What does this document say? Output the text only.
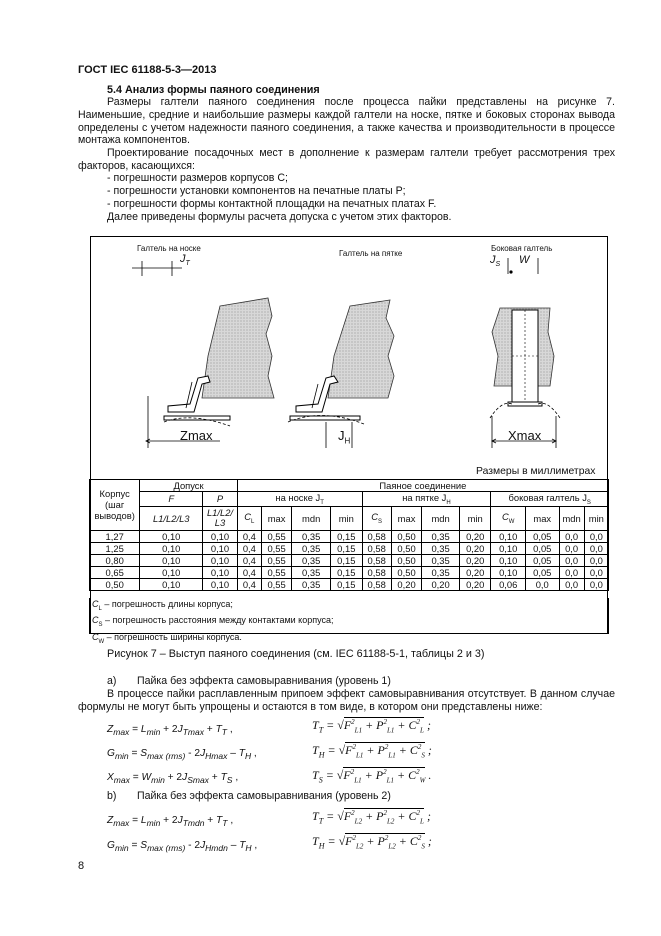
ГОСТ IEC 61188-5-3—2013
5.4 Анализ формы паяного соединения
Размеры галтели паяного соединения после процесса пайки представлены на рисунке 7. Наименьшие, средние и наибольшие размеры каждой галтели на носке, пятке и боковых сторонах вывода определены с учетом надежности паяного соединения, а также качества и производительности в процессе монтажа компонентов.
Проектирование посадочных мест в дополнение к размерам галтели требует рассмотрения трех факторов, касающихся:
- погрешности размеров корпусов C;
- погрешности установки компонентов на печатные платы P;
- погрешности формы контактной площадки на печатных платах F.
Далее приведены формулы расчета допуска с учетом этих факторов.
Галтель на носке
Галтель на пятке
Боковая галтель
$J_T$	$J_S$ W
Zmax	$J_H$	Xmax
Размеры в миллиметрах
Корпус (шаг выводов)	Допуск		Паяное соединение											
	F	P	на носке $J_T$				на пятке $J_H$				боковая галтель $J_S$
	L1/L2/L3	L1/L2/L3	$C_L$	max	mdn	min	$C_S$	max	mdn	min	$C_W$	max	mdn	min
1,27	0,10	0,10	0,4	0,55	0,35	0,15	0,58	0,50	0,35	0,20	0,10	0,05	0,0	0,0
1,25	0,10	0,10	0,4	0,55	0,35	0,15	0,58	0,50	0,35	0,20	0,10	0,05	0,0	0,0
0,80	0,10	0,10	0,4	0,55	0,35	0,15	0,58	0,50	0,35	0,20	0,10	0,05	0,0	0,0
0,65	0,10	0,10	0,4	0,55	0,35	0,15	0,58	0,50	0,35	0,20	0,10	0,05	0,0	0,0
0,50	0,10	0,10	0,4	0,55	0,35	0,15	0,58	0,20	0,20	0,20	0,06	0,0	0,0	0,0
$C_L$ – погрешность длины корпуса;
$C_S$ – погрешность расстояния между контактами корпуса;
$C_W$ – погрешность ширины корпуса.
Рисунок 7 – Выступ паяного соединения (см. IEC 61188-5-1, таблицы 2 и 3)
a) Пайка без эффекта самовыравнивания (уровень 1)
В процессе пайки расплавленным припоем эффект самовыравнивания отсутствует. В данном случае формулы не могут быть упрощены и остаются в том виде, в котором они представлены ниже:
$Z_{max} = L_{min} + 2J_{Tmax} + T_T$ ,
$G_{min} = S_{max (rms)} - 2J_{Hmax} - T_H$ ,
$X_{max} = W_{min} + 2J_{Smax} + T_S$ ,
$T_T = √F^2_{L1} + P^2_{L1} + C^2_L$ ;
$T_H = √F^2_{L1} + P^2_{L1} + C^2_S$ ;
$T_S = √F^2_{L1} + P^2_{L1} + C^2_W$ .
b) Пайка без эффекта самовыравнивания (уровень 2)
$Z_{max} = L_{min} + 2J_{Tmdn} + T_T$ ,
$G_{min} = S_{max (rms)} - 2J_{Hmdn} - T_H$ ,
$T_T = √F^2_{L2} + P^2_{L2} + C^2_L$ ;
$T_H = √F^2_{L2} + P^2_{L2} + C^2_S$ ;
8
